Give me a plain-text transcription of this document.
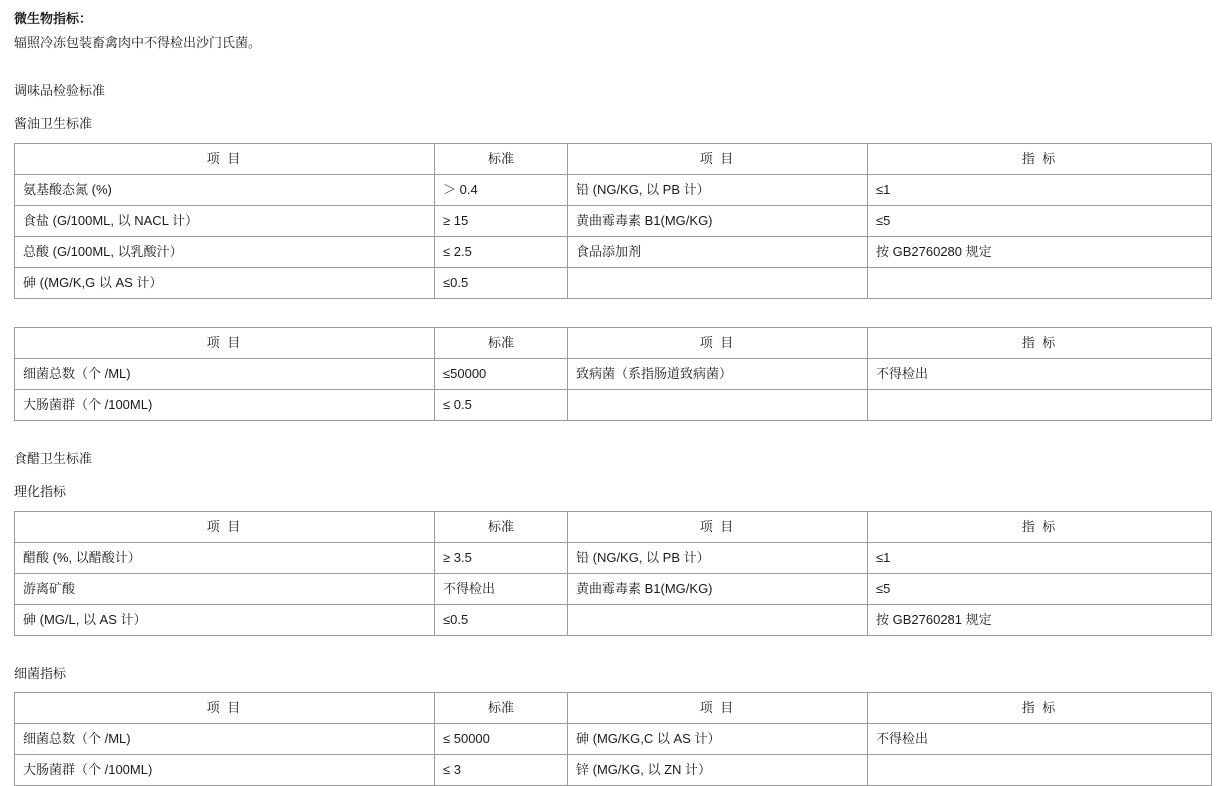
微生物指标：
辐照冷冻包装畜禽肉中不得检出沙门氏菌。
调味品检验标准
酱油卫生标准
项 目	标准	项 目	指 标
氨基酸态氮 (%)	＞ 0.4	铅 (NG/KG, 以 PB 计）	≤1
食盐 (G/100ML, 以 NACL 计）	≥ 15	黄曲霉毒素 B1(MG/KG)	≤5
总酸 (G/100ML, 以乳酸汁）	≤ 2.5	食品添加剂	按 GB2760280 规定
砷 ((MG/K,G 以 AS 计）	≤0.5		
项 目	标准	项 目	指 标
细菌总数（个 /ML)	≤50000	致病菌（系指肠道致病菌）	不得检出
大肠菌群（个 /100ML)	≤ 0.5		
食醋卫生标准
理化指标
项 目	标准	项 目	指 标
醋酸 (%, 以醋酸计）	≥ 3.5	铅 (NG/KG, 以 PB 计）	≤1
游离矿酸	不得检出	黄曲霉毒素 B1(MG/KG)	≤5
砷 (MG/L, 以 AS 计）	≤0.5		按 GB2760281 规定
细菌指标
项 目	标准	项 目	指 标
细菌总数（个 /ML)	≤ 50000	砷 (MG/KG,C 以 AS 计）	不得检出
大肠菌群（个 /100ML)	≤ 3	锌 (MG/KG, 以 ZN 计）	
